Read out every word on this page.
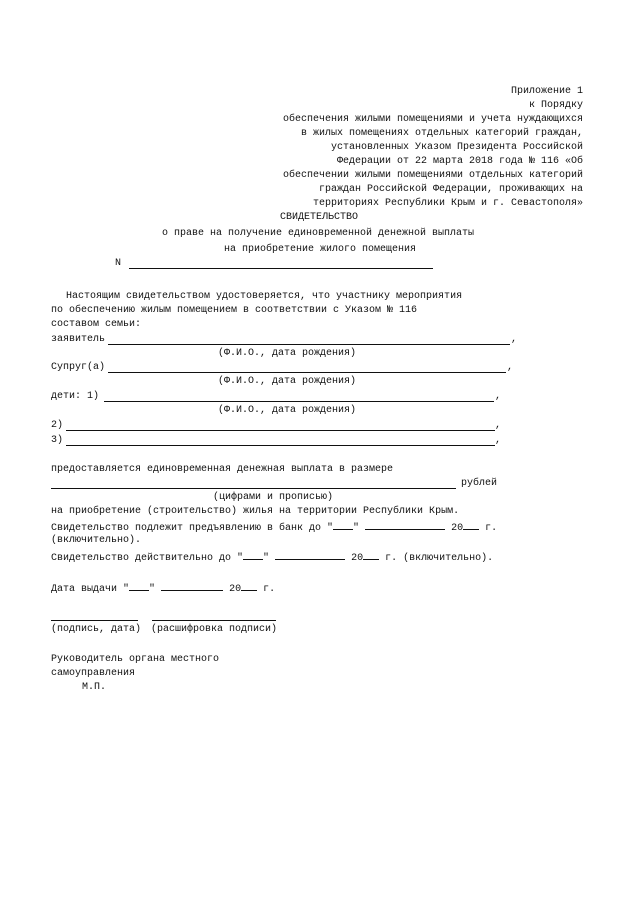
Приложение 1
к Порядку
обеспечения жилыми помещениями и учета нуждающихся
в жилых помещениях отдельных категорий граждан,
установленных Указом Президента Российской
Федерации от 22 марта 2018 года № 116 «Об
обеспечении жилыми помещениями отдельных категорий
граждан Российской Федерации, проживающих на
территориях Республики Крым и г. Севастополя»
СВИДЕТЕЛЬСТВО
о праве на получение единовременной денежной выплаты
на приобретение жилого помещения
N
Настоящим свидетельством удостоверяется, что участнику мероприятия
по обеспечению жилым помещением в соответствии с Указом № 116
составом семьи:
заявитель	,
(Ф.И.О., дата рождения)
Супруг(а)	,
(Ф.И.О., дата рождения)
дети: 1)	,
(Ф.И.О., дата рождения)
2)	,
3)	,
предоставляется единовременная денежная выплата в размере
рублей
(цифрами и прописью)
на приобретение (строительство) жилья на территории Республики Крым.
Свидетельство подлежит предъявлению в банк до " "	20 г.
(включительно).
Свидетельство действительно до " "	20 г. (включительно).
Дата выдачи " "	20 г.
(подпись, дата) (расшифровка подписи)
Руководитель органа местного
самоуправления
М.П.
